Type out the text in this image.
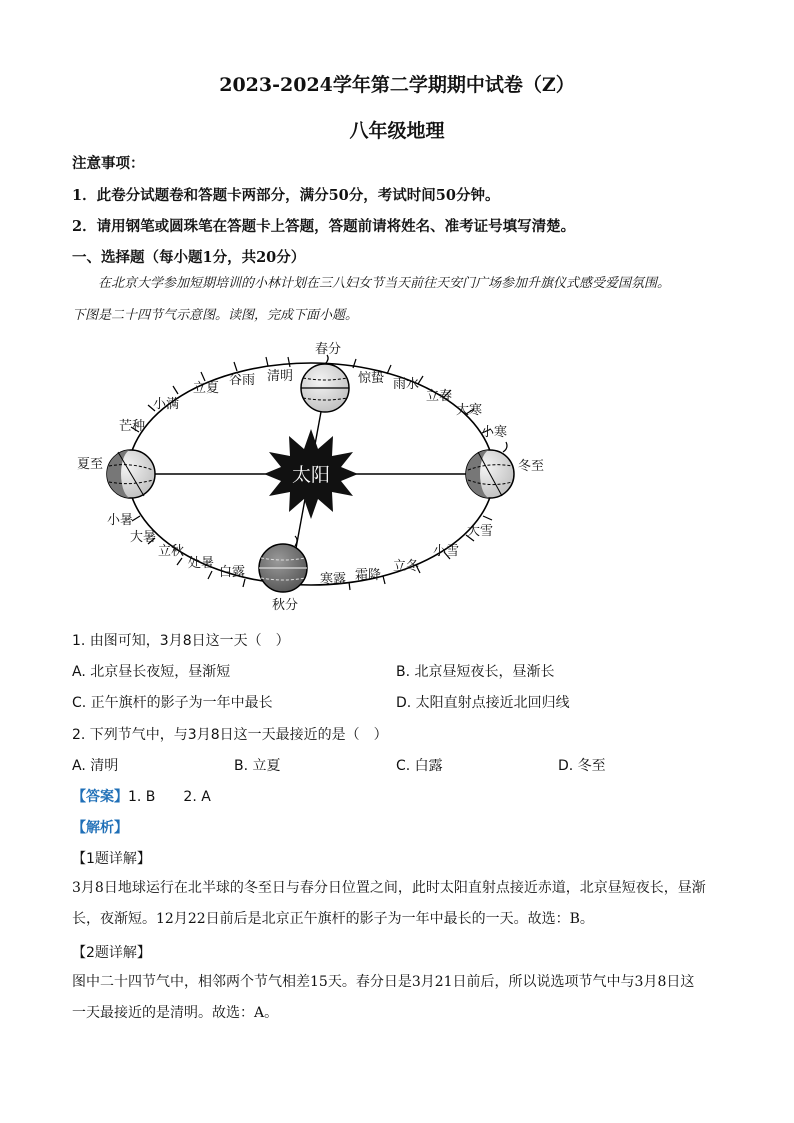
2023-2024学年第二学期期中试卷（Z）
八年级地理
注意事项：
1．此卷分试题卷和答题卡两部分，满分50分，考试时间50分钟。
2．请用钢笔或圆珠笔在答题卡上答题，答题前请将姓名、准考证号填写清楚。
一、选择题（每小题1分，共20分）
在北京大学参加短期培训的小林计划在三八妇女节当天前往天安门广场参加升旗仪式感受爱国氛围。
下图是二十四节气示意图。读图，完成下面小题。
太阳
春分
惊蛰 雨水
立春
大寒
小寒
冬至
大雪
小雪
立冬
霜降
寒露
秋分
白露
处暑
立秋
大暑
小暑
夏至
芒种
小满
立夏
谷雨 清明
1. 由图可知，3月8日这一天（　）
A. 北京昼长夜短，昼渐短	B. 北京昼短夜长，昼渐长
C. 正午旗杆的影子为一年中最长	D. 太阳直射点接近北回归线
2. 下列节气中，与3月8日这一天最接近的是（　）
A. 清明	B. 立夏	C. 白露	D. 冬至
【答案】1. B　　2. A
【解析】
【1题详解】
3月8日地球运行在北半球的冬至日与春分日位置之间，此时太阳直射点接近赤道，北京昼短夜长，昼渐
长，夜渐短。12月22日前后是北京正午旗杆的影子为一年中最长的一天。故选：B。
【2题详解】
图中二十四节气中，相邻两个节气相差15天。春分日是3月21日前后，所以说选项节气中与3月8日这
一天最接近的是清明。故选：A。
